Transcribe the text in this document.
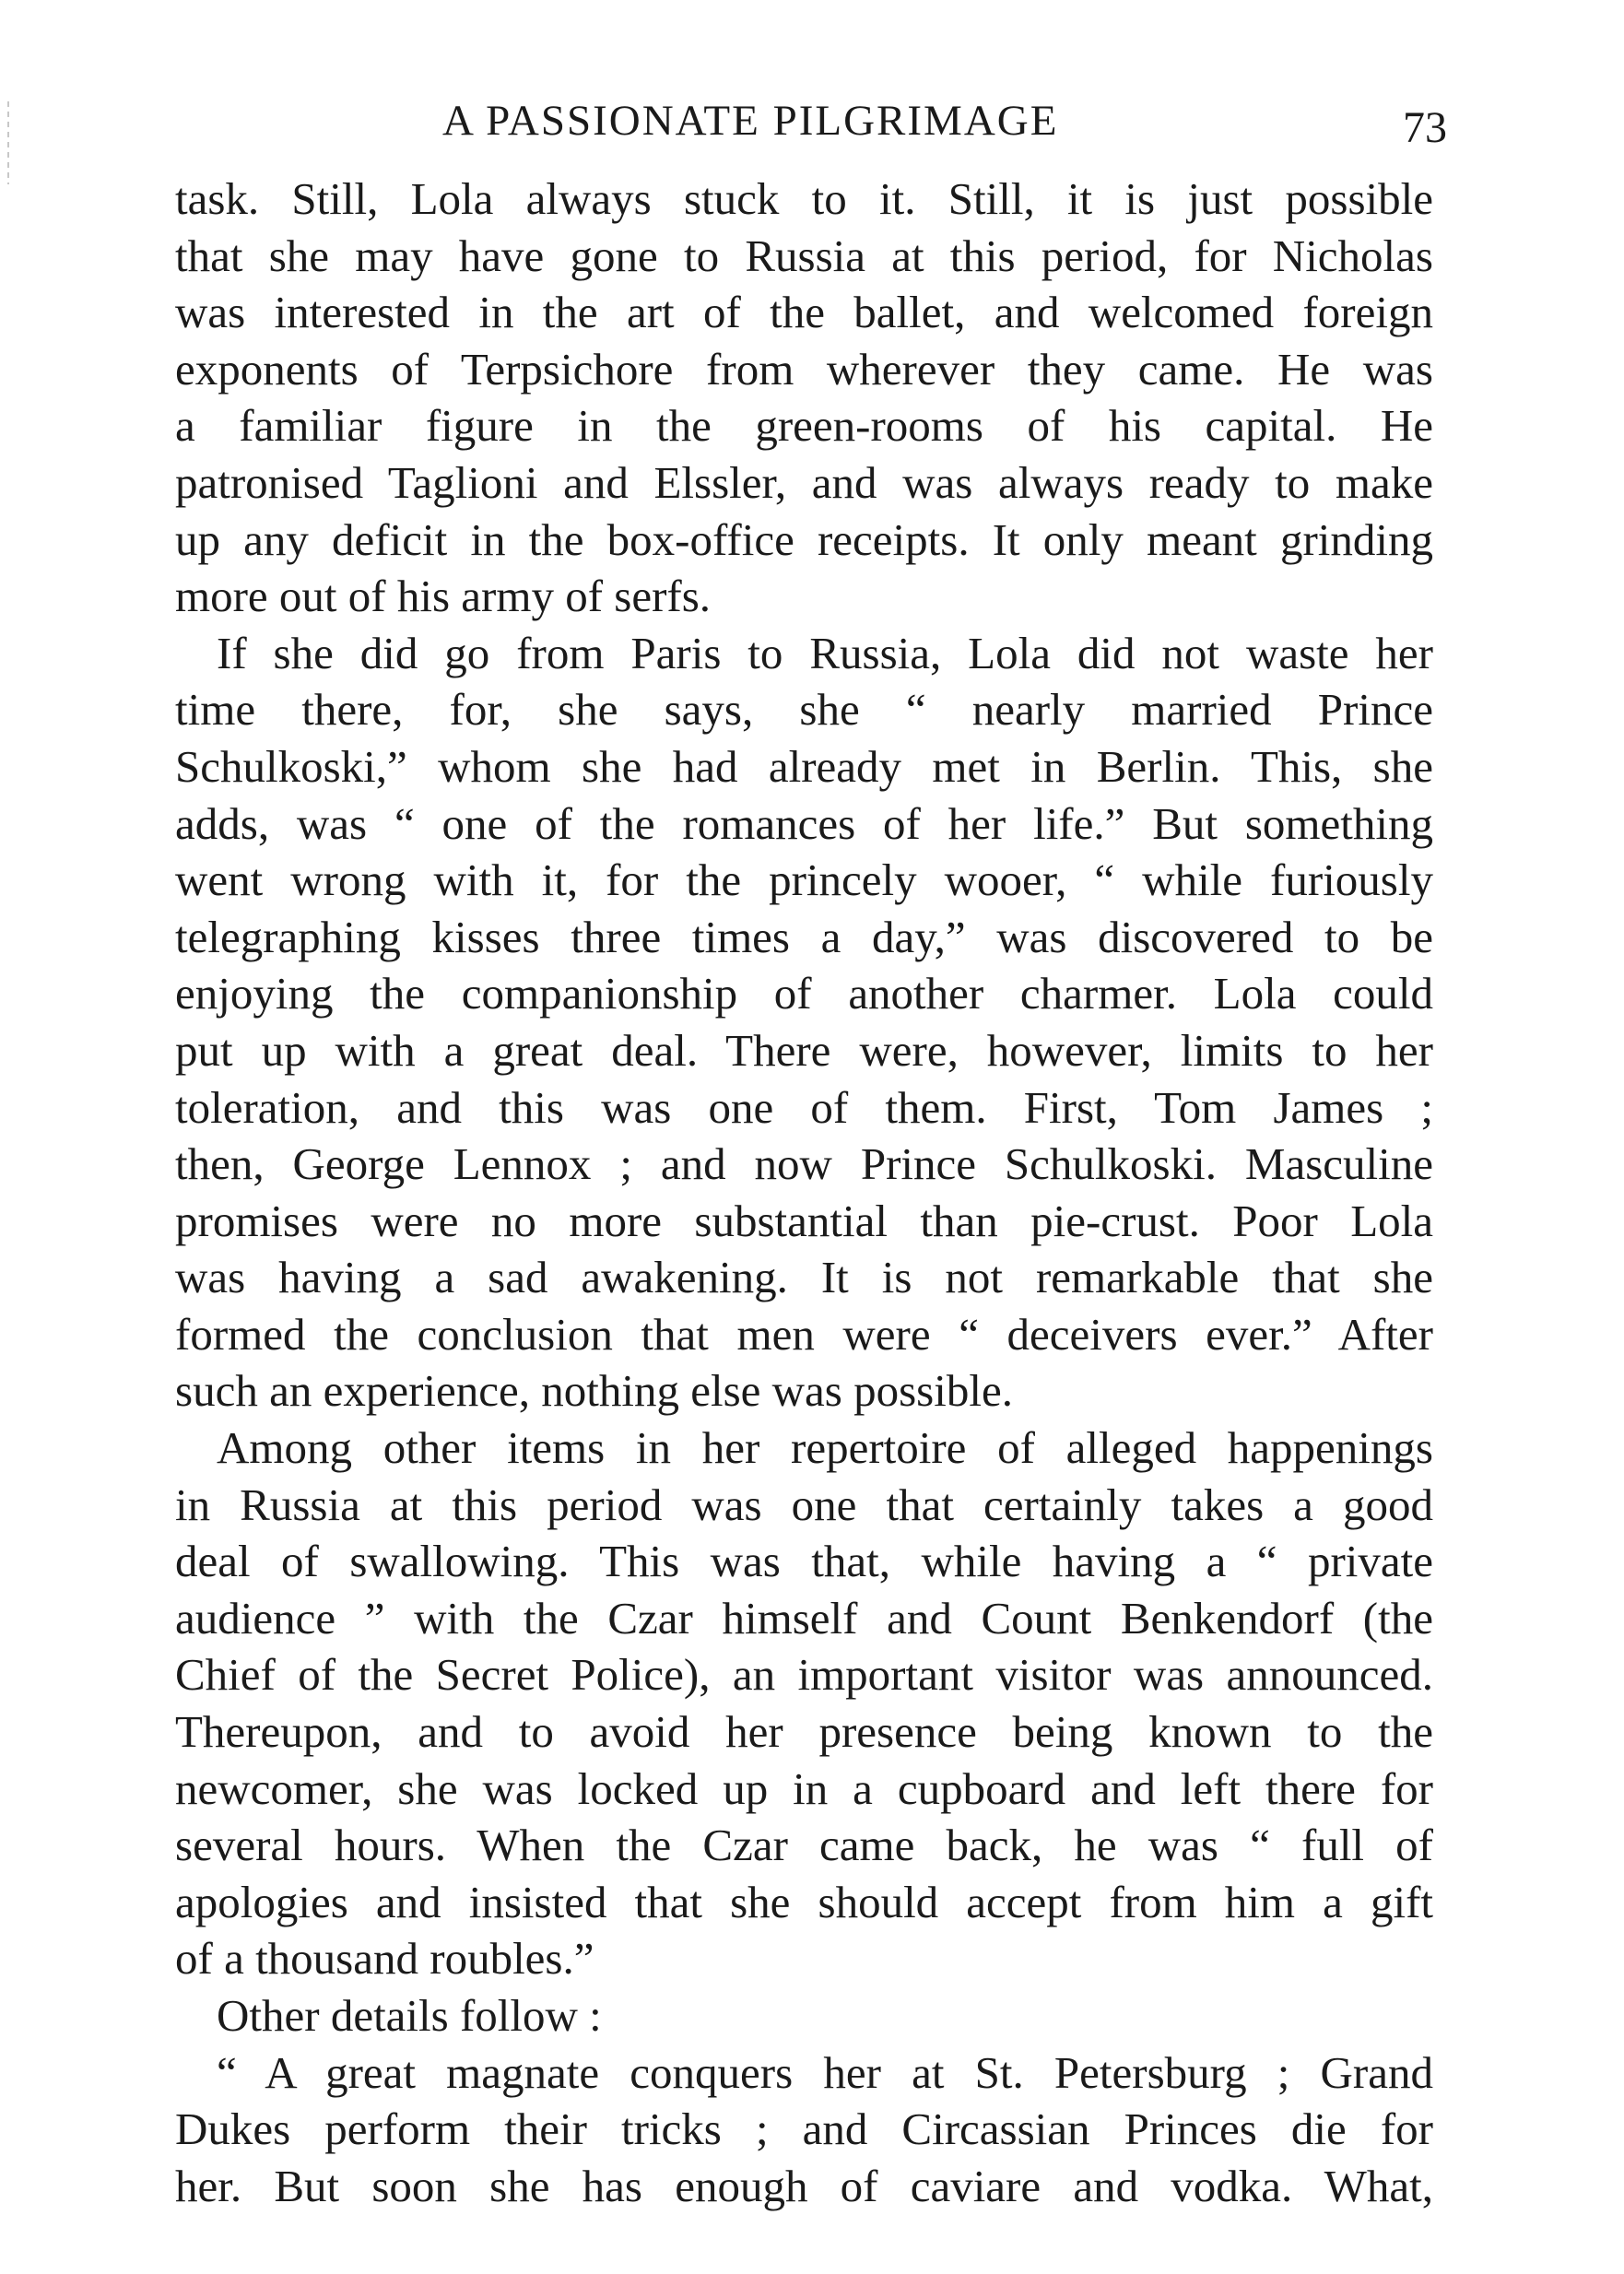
A PASSIONATE PILGRIMAGE	73
task. Still, Lola always stuck to it. Still, it is just possible
that she may have gone to Russia at this period, for Nicholas
was interested in the art of the ballet, and welcomed foreign
exponents of Terpsichore from wherever they came. He was
a familiar figure in the green-rooms of his capital. He
patronised Taglioni and Elssler, and was always ready to make
up any deficit in the box-office receipts. It only meant grinding
more out of his army of serfs.
If she did go from Paris to Russia, Lola did not waste her
time there, for, she says, she “ nearly married Prince
Schulkoski,” whom she had already met in Berlin. This, she
adds, was “ one of the romances of her life.” But something
went wrong with it, for the princely wooer, “ while furiously
telegraphing kisses three times a day,” was discovered to be
enjoying the companionship of another charmer. Lola could
put up with a great deal. There were, however, limits to her
toleration, and this was one of them. First, Tom James ;
then, George Lennox ; and now Prince Schulkoski. Masculine
promises were no more substantial than pie-crust. Poor Lola
was having a sad awakening. It is not remarkable that she
formed the conclusion that men were “ deceivers ever.” After
such an experience, nothing else was possible.
Among other items in her repertoire of alleged happenings
in Russia at this period was one that certainly takes a good
deal of swallowing. This was that, while having a “ private
audience ” with the Czar himself and Count Benkendorf (the
Chief of the Secret Police), an important visitor was announced.
Thereupon, and to avoid her presence being known to the
newcomer, she was locked up in a cupboard and left there for
several hours. When the Czar came back, he was “ full of
apologies and insisted that she should accept from him a gift
of a thousand roubles.”
Other details follow :
“ A great magnate conquers her at St. Petersburg ; Grand
Dukes perform their tricks ; and Circassian Princes die for
her. But soon she has enough of caviare and vodka. What,
